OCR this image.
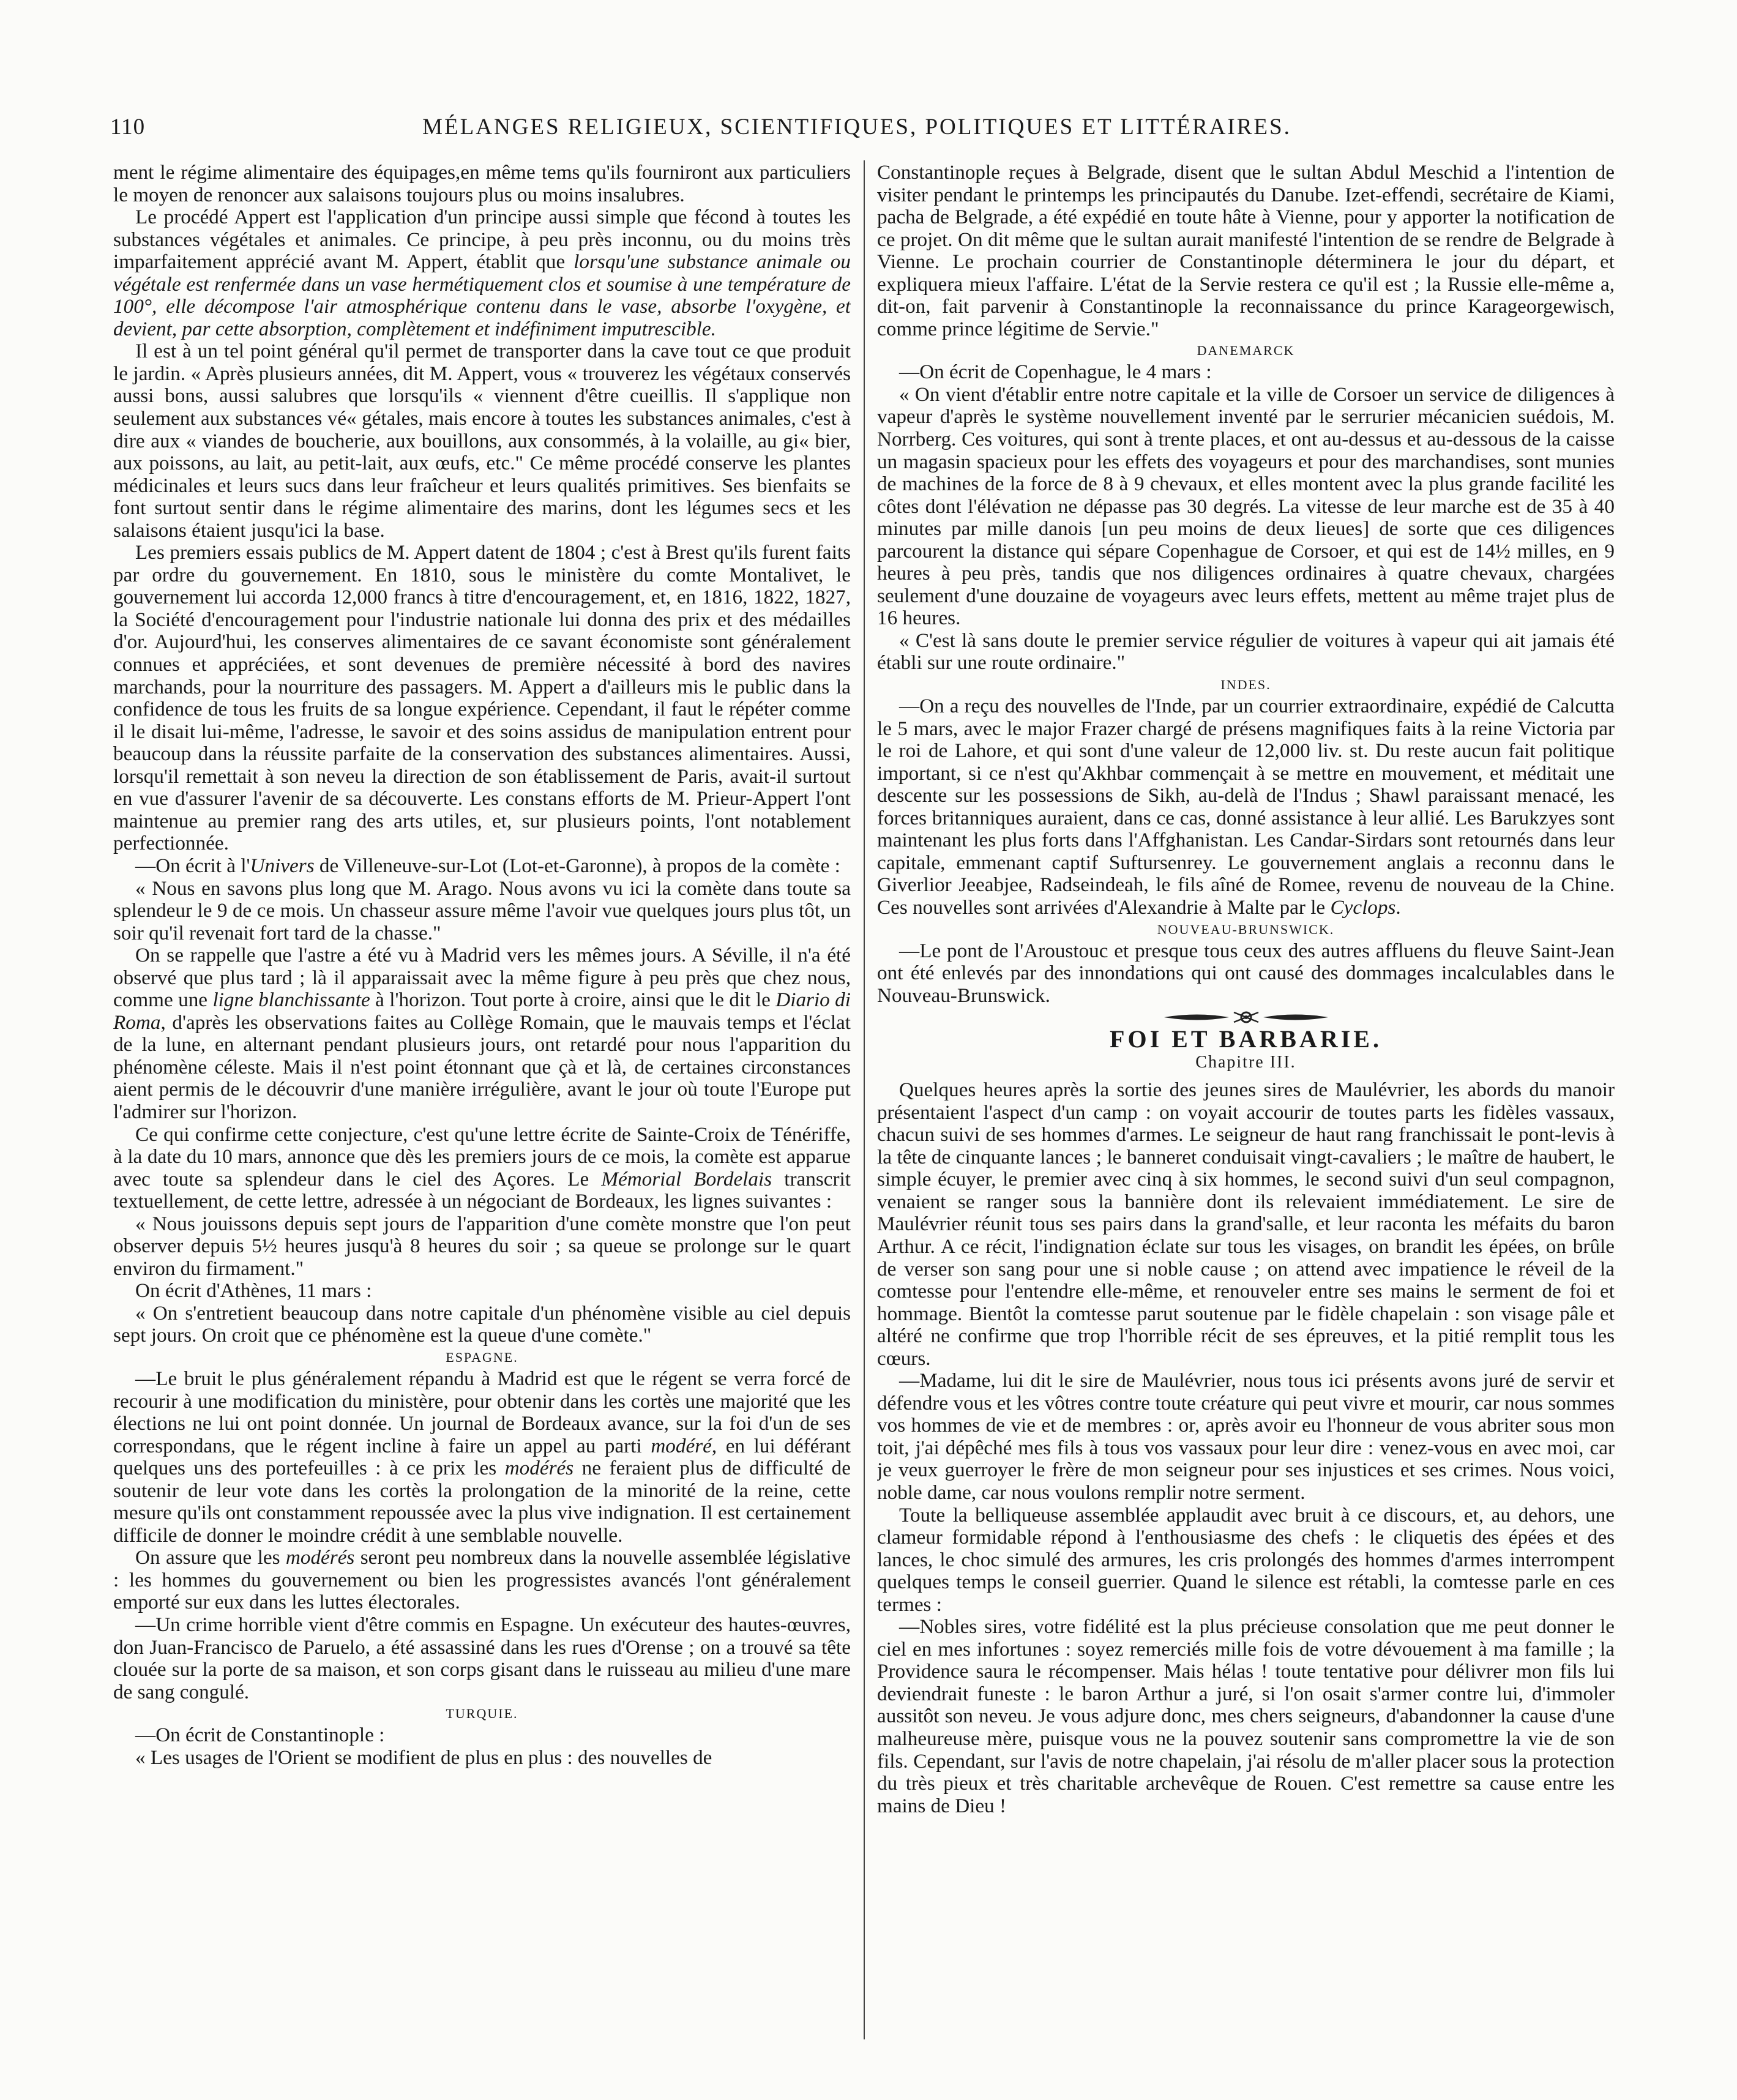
110	MÉLANGES RELIGIEUX, SCIENTIFIQUES, POLITIQUES ET LITTÉRAIRES.

ment le régime alimentaire des équipages,en même tems qu'ils fourniront aux particuliers le moyen de renoncer aux salaisons toujours plus ou moins insalubres.

Le procédé Appert est l'application d'un principe aussi simple que fécond à toutes les substances végétales et animales. Ce principe, à peu près inconnu, ou du moins très imparfaitement apprécié avant M. Appert, établit que lorsqu'une substance animale ou végétale est renfermée dans un vase hermétiquement clos et soumise à une température de 100°, elle décompose l'air atmosphérique contenu dans le vase, absorbe l'oxygène, et devient, par cette absorption, complètement et indéfiniment imputrescible.

Il est à un tel point général qu'il permet de transporter dans la cave tout ce que produit le jardin. « Après plusieurs années, dit M. Appert, vous « trouverez les végétaux conservés aussi bons, aussi salubres que lorsqu'ils « viennent d'être cueillis. Il s'applique non seulement aux substances vé« gétales, mais encore à toutes les substances animales, c'est à dire aux « viandes de boucherie, aux bouillons, aux consommés, à la volaille, au gi« bier, aux poissons, au lait, au petit-lait, aux œufs, etc." Ce même procédé conserve les plantes médicinales et leurs sucs dans leur fraîcheur et leurs qualités primitives. Ses bienfaits se font surtout sentir dans le régime alimentaire des marins, dont les légumes secs et les salaisons étaient jusqu'ici la base.

Les premiers essais publics de M. Appert datent de 1804 ; c'est à Brest qu'ils furent faits par ordre du gouvernement. En 1810, sous le ministère du comte Montalivet, le gouvernement lui accorda 12,000 francs à titre d'encouragement, et, en 1816, 1822, 1827, la Société d'encouragement pour l'industrie nationale lui donna des prix et des médailles d'or. Aujourd'hui, les conserves alimentaires de ce savant économiste sont généralement connues et appréciées, et sont devenues de première nécessité à bord des navires marchands, pour la nourriture des passagers. M. Appert a d'ailleurs mis le public dans la confidence de tous les fruits de sa longue expérience. Cependant, il faut le répéter comme il le disait lui-même, l'adresse, le savoir et des soins assidus de manipulation entrent pour beaucoup dans la réussite parfaite de la conservation des substances alimentaires. Aussi, lorsqu'il remettait à son neveu la direction de son établissement de Paris, avait-il surtout en vue d'assurer l'avenir de sa découverte. Les constans efforts de M. Prieur-Appert l'ont maintenue au premier rang des arts utiles, et, sur plusieurs points, l'ont notablement perfectionnée.

—On écrit à l'Univers de Villeneuve-sur-Lot (Lot-et-Garonne), à propos de la comète :

« Nous en savons plus long que M. Arago. Nous avons vu ici la comète dans toute sa splendeur le 9 de ce mois. Un chasseur assure même l'avoir vue quelques jours plus tôt, un soir qu'il revenait fort tard de la chasse."

On se rappelle que l'astre a été vu à Madrid vers les mêmes jours. A Séville, il n'a été observé que plus tard ; là il apparaissait avec la même figure à peu près que chez nous, comme une ligne blanchissante à l'horizon. Tout porte à croire, ainsi que le dit le Diario di Roma, d'après les observations faites au Collège Romain, que le mauvais temps et l'éclat de la lune, en alternant pendant plusieurs jours, ont retardé pour nous l'apparition du phénomène céleste. Mais il n'est point étonnant que çà et là, de certaines circonstances aient permis de le découvrir d'une manière irrégulière, avant le jour où toute l'Europe put l'admirer sur l'horizon.

Ce qui confirme cette conjecture, c'est qu'une lettre écrite de Sainte-Croix de Ténériffe, à la date du 10 mars, annonce que dès les premiers jours de ce mois, la comète est apparue avec toute sa splendeur dans le ciel des Açores. Le Mémorial Bordelais transcrit textuellement, de cette lettre, adressée à un négociant de Bordeaux, les lignes suivantes :

« Nous jouissons depuis sept jours de l'apparition d'une comète monstre que l'on peut observer depuis 5½ heures jusqu'à 8 heures du soir ; sa queue se prolonge sur le quart environ du firmament."

On écrit d'Athènes, 11 mars :

« On s'entretient beaucoup dans notre capitale d'un phénomène visible au ciel depuis sept jours. On croit que ce phénomène est la queue d'une comète."

ESPAGNE.

—Le bruit le plus généralement répandu à Madrid est que le régent se verra forcé de recourir à une modification du ministère, pour obtenir dans les cortès une majorité que les élections ne lui ont point donnée. Un journal de Bordeaux avance, sur la foi d'un de ses correspondans, que le régent incline à faire un appel au parti modéré, en lui déférant quelques uns des portefeuilles : à ce prix les modérés ne feraient plus de difficulté de soutenir de leur vote dans les cortès la prolongation de la minorité de la reine, cette mesure qu'ils ont constamment repoussée avec la plus vive indignation. Il est certainement difficile de donner le moindre crédit à une semblable nouvelle.

On assure que les modérés seront peu nombreux dans la nouvelle assemblée législative : les hommes du gouvernement ou bien les progressistes avancés l'ont généralement emporté sur eux dans les luttes électorales.

—Un crime horrible vient d'être commis en Espagne. Un exécuteur des hautes-œuvres, don Juan-Francisco de Paruelo, a été assassiné dans les rues d'Orense ; on a trouvé sa tête clouée sur la porte de sa maison, et son corps gisant dans le ruisseau au milieu d'une mare de sang congulé.

TURQUIE.

—On écrit de Constantinople :

« Les usages de l'Orient se modifient de plus en plus : des nouvelles de

Constantinople reçues à Belgrade, disent que le sultan Abdul Meschid a l'intention de visiter pendant le printemps les principautés du Danube. Izet-effendi, secrétaire de Kiami, pacha de Belgrade, a été expédié en toute hâte à Vienne, pour y apporter la notification de ce projet. On dit même que le sultan aurait manifesté l'intention de se rendre de Belgrade à Vienne. Le prochain courrier de Constantinople déterminera le jour du départ, et expliquera mieux l'affaire. L'état de la Servie restera ce qu'il est ; la Russie elle-même a, dit-on, fait parvenir à Constantinople la reconnaissance du prince Karageorgewisch, comme prince légitime de Servie."

DANEMARCK

—On écrit de Copenhague, le 4 mars :

« On vient d'établir entre notre capitale et la ville de Corsoer un service de diligences à vapeur d'après le système nouvellement inventé par le serrurier mécanicien suédois, M. Norrberg. Ces voitures, qui sont à trente places, et ont au-dessus et au-dessous de la caisse un magasin spacieux pour les effets des voyageurs et pour des marchandises, sont munies de machines de la force de 8 à 9 chevaux, et elles montent avec la plus grande facilité les côtes dont l'élévation ne dépasse pas 30 degrés. La vitesse de leur marche est de 35 à 40 minutes par mille danois [un peu moins de deux lieues] de sorte que ces diligences parcourent la distance qui sépare Copenhague de Corsoer, et qui est de 14½ milles, en 9 heures à peu près, tandis que nos diligences ordinaires à quatre chevaux, chargées seulement d'une douzaine de voyageurs avec leurs effets, mettent au même trajet plus de 16 heures.

« C'est là sans doute le premier service régulier de voitures à vapeur qui ait jamais été établi sur une route ordinaire."

INDES.

—On a reçu des nouvelles de l'Inde, par un courrier extraordinaire, expédié de Calcutta le 5 mars, avec le major Frazer chargé de présens magnifiques faits à la reine Victoria par le roi de Lahore, et qui sont d'une valeur de 12,000 liv. st. Du reste aucun fait politique important, si ce n'est qu'Akhbar commençait à se mettre en mouvement, et méditait une descente sur les possessions de Sikh, au-delà de l'Indus ; Shawl paraissant menacé, les forces britanniques auraient, dans ce cas, donné assistance à leur allié. Les Barukzyes sont maintenant les plus forts dans l'Affghanistan. Les Candar-Sirdars sont retournés dans leur capitale, emmenant captif Suftursenrey. Le gouvernement anglais a reconnu dans le Giverlior Jeeabjee, Radseindeah, le fils aîné de Romee, revenu de nouveau de la Chine. Ces nouvelles sont arrivées d'Alexandrie à Malte par le Cyclops.

NOUVEAU-BRUNSWICK.

—Le pont de l'Aroustouc et presque tous ceux des autres affluens du fleuve Saint-Jean ont été enlevés par des innondations qui ont causé des dommages incalculables dans le Nouveau-Brunswick.

FOI ET BARBARIE.
Chapitre III.

Quelques heures après la sortie des jeunes sires de Maulévrier, les abords du manoir présentaient l'aspect d'un camp : on voyait accourir de toutes parts les fidèles vassaux, chacun suivi de ses hommes d'armes. Le seigneur de haut rang franchissait le pont-levis à la tête de cinquante lances ; le banneret conduisait vingt-cavaliers ; le maître de haubert, le simple écuyer, le premier avec cinq à six hommes, le second suivi d'un seul compagnon, venaient se ranger sous la bannière dont ils relevaient immédiatement. Le sire de Maulévrier réunit tous ses pairs dans la grand'salle, et leur raconta les méfaits du baron Arthur. A ce récit, l'indignation éclate sur tous les visages, on brandit les épées, on brûle de verser son sang pour une si noble cause ; on attend avec impatience le réveil de la comtesse pour l'entendre elle-même, et renouveler entre ses mains le serment de foi et hommage. Bientôt la comtesse parut soutenue par le fidèle chapelain : son visage pâle et altéré ne confirme que trop l'horrible récit de ses épreuves, et la pitié remplit tous les cœurs.

—Madame, lui dit le sire de Maulévrier, nous tous ici présents avons juré de servir et défendre vous et les vôtres contre toute créature qui peut vivre et mourir, car nous sommes vos hommes de vie et de membres : or, après avoir eu l'honneur de vous abriter sous mon toit, j'ai dépêché mes fils à tous vos vassaux pour leur dire : venez-vous en avec moi, car je veux guerroyer le frère de mon seigneur pour ses injustices et ses crimes. Nous voici, noble dame, car nous voulons remplir notre serment.

Toute la belliqueuse assemblée applaudit avec bruit à ce discours, et, au dehors, une clameur formidable répond à l'enthousiasme des chefs : le cliquetis des épées et des lances, le choc simulé des armures, les cris prolongés des hommes d'armes interrompent quelques temps le conseil guerrier. Quand le silence est rétabli, la comtesse parle en ces termes :

—Nobles sires, votre fidélité est la plus précieuse consolation que me peut donner le ciel en mes infortunes : soyez remerciés mille fois de votre dévouement à ma famille ; la Providence saura le récompenser. Mais hélas ! toute tentative pour délivrer mon fils lui deviendrait funeste : le baron Arthur a juré, si l'on osait s'armer contre lui, d'immoler aussitôt son neveu. Je vous adjure donc, mes chers seigneurs, d'abandonner la cause d'une malheureuse mère, puisque vous ne la pouvez soutenir sans compromettre la vie de son fils. Cependant, sur l'avis de notre chapelain, j'ai résolu de m'aller placer sous la protection du très pieux et très charitable archevêque de Rouen. C'est remettre sa cause entre les mains de Dieu !
